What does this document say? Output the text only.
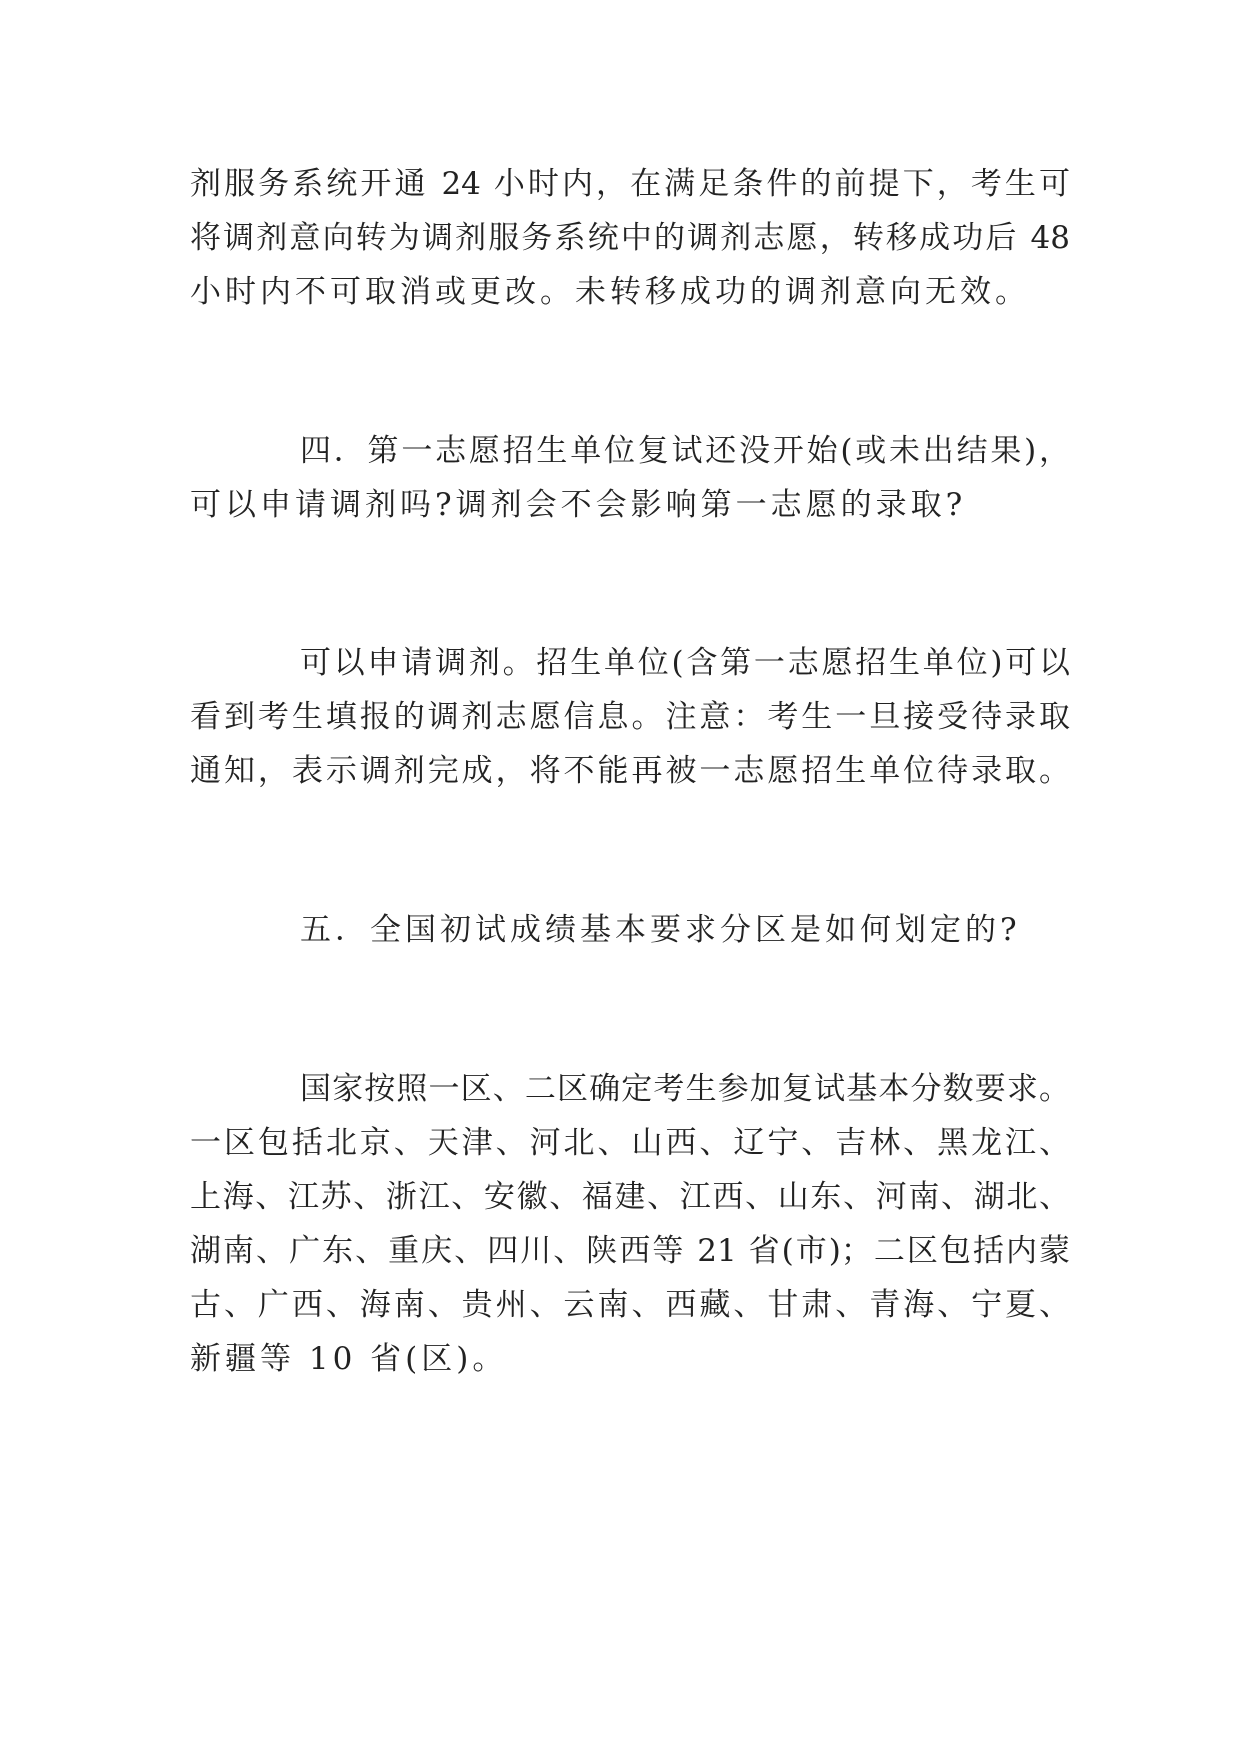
剂服务系统开通 24 小时内，在满足条件的前提下，考生可
将调剂意向转为调剂服务系统中的调剂志愿，转移成功后 48
小时内不可取消或更改。未转移成功的调剂意向无效。
四．第一志愿招生单位复试还没开始(或未出结果)，
可以申请调剂吗?调剂会不会影响第一志愿的录取?
可以申请调剂。招生单位(含第一志愿招生单位)可以
看到考生填报的调剂志愿信息。注意：考生一旦接受待录取
通知，表示调剂完成，将不能再被一志愿招生单位待录取。
五．全国初试成绩基本要求分区是如何划定的?
国家按照一区、二区确定考生参加复试基本分数要求。
一区包括北京、天津、河北、山西、辽宁、吉林、黑龙江、
上海、江苏、浙江、安徽、福建、江西、山东、河南、湖北、
湖南、广东、重庆、四川、陕西等 21 省(市)；二区包括内蒙
古、广西、海南、贵州、云南、西藏、甘肃、青海、宁夏、
新疆等 10 省(区)。
